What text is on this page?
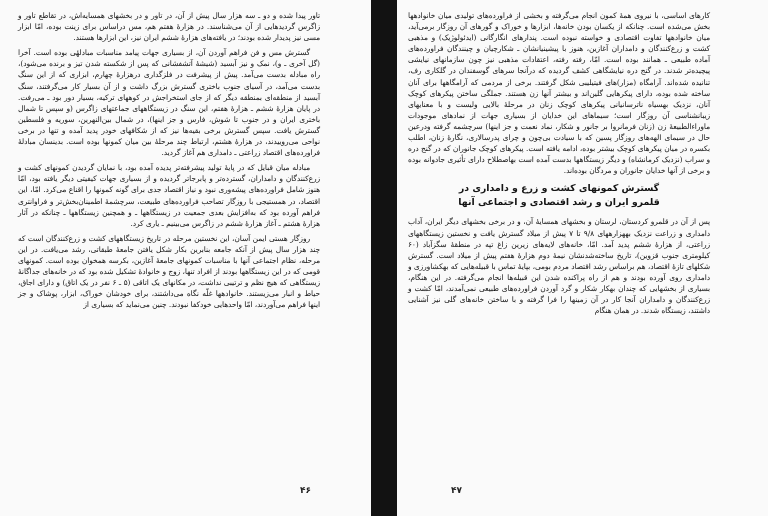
تاور پیدا شده و دو ـ سه هزار سال پیش از آن، در تاور و در بخشهای همسایه‌اش، در تقاطع تاور و زاگرس گردیدهایی از آن می‌شناسند. در هزارهٔ هفتم هم، مس دراساس برای زینت بوده، امّا ابزار مسی نیز پدیدار شده بودند؛ در یافته‌های هزارهٔ ششم ایران نیز، این ابزارها هستند.

گسترش مس و فن فراهم آوردن آن، از بسیاری جهات پیامد مناسبات مبادلهٔی بوده است. آخرا (گل آخری ـ و)، نمک و نیز آبسید (شیشهٔ آتشفشانی که پس از شکسته شدن تیز و برنده می‌شود)، راه مبادله بدست می‌آمد. پیش از پیشرفت در فلزگداری درهزارهٔ چهارم، ابزاری که از این سنگ بدست می‌آمد، در آسیای جنوب باختری گسترش بزرگ داشت و از آن بسیار کار می‌گرفتند، سنگ آبسید از منطقه‌ای بمنطقه دیگر که از جای استخراجش در کوههای ترکیه، بسیار دور بود ـ می‌رفت. در پایان هزارهٔ ششم ـ هزارهٔ هفتم، این سنگ در زیستگاههای جماعتهای زاگرس (و سپس تا شمال باختری ایران و در جنوب تا شوش، فارس و جز اینها)، در شمال بین‌النهرین، سوریه و فلسطین گسترش یافت. سپس گسترش برخی بقیه‌ها نیز که از شکافهای خودر پدید آمده و تنها در برخی نواحی می‌روییدند، در هزارهٔ هشتم، ارتباط چند مرحلهٔ بین میان کمونها بوده است. بدینسان مبادلهٔ فراورده‌های اقتصاد زراعتی ـ دامداری هم آغاز گردید.

مبادله میان قبایل که در پایهٔ تولید پیشرفته‌تر پدیده آمده بود، با نمایان گردیدن کمونهای کشت و زرع‌کنندگان و دامداران، گسترده‌تر و پابرجاتر گردیده و از بسیاری جهات کیفیتی دیگر یافته بود، امّا هنوز شامل فراورده‌های پیشه‌وری نبود و نیاز اقتصاد جدی برای گونه کمونها را اقناع می‌کرد. امّا، این اقتصاد، در همستیجی با روزگار تصاحب فراورده‌های طبیعت، سرچشمهٔ اطمینان‌بخش‌تر و فراوانتری فراهم آورده بود که به‌افزایش بعدی جمعیت در زیستگاهها ـ و همچنین زیستگاهها ـ چنانکه در آثار هزارهٔ هشتم ـ آغاز هزارهٔ ششم در زاگرس می‌بینیم ـ یاری کرد.

روزگار هستی ایمن آسان، این نخستین مرحله در تاریخ زیستگاههای کشت و زرع‌کنندگان است که چند هزار سال پیش از آنکه جامعه بنابرین بکار شکل یافتن جامعهٔ طبقاتی، رشد می‌یافت. در این مرحله، نظام اجتماعی آنها با مناسبات کمونهای جامعهٔ آغازین، بکرسه همخوان بوده است. کمونهای قومی که در این زیستگاهها بودند از افراد تنها، زوج و خانوادهٔ تشکیل شده بود که در خانه‌های جداگانهٔ زیستگاهی که هیچ نظم و ترتیبی نداشت، در مکانهای یک اتاقی (۵ ـ ۶ نفر در یک اتاق) و دارای اجاق، حیاط و انبار می‌زیستند. خانوادهها غلّه نگاه می‌داشتند، برای خودشان خوراک، ابزار، پوشاک و جز اینها فراهم می‌آوردند، امّا واحدهایی خودکفا نبودند. چنین می‌نماید که بسیاری از

۴۶

کارهای اساسی، با نیروی همهٔ کمون انجام می‌گرفته و بخشی از فراورده‌های تولیدی میان خانوادهها بخش می‌شده است. چنانکه از یکسان بودن خانه‌ها، ابزارها و خوراک و گورهای آن روزگار برمی‌آید، میان خانوادهها تفاوت اقتصادی و خواسته نبوده است. پندارهای انگارگانی (ایدئولوژیک) و مذهبی کشت و زرع‌کنندگان و دامداران آغازین، هنوز با پیشینیانشان ـ شکارچیان و چینندگان فراورده‌های آماده طبیعی ـ همانند بوده است. امّا، رفته رفته، اعتقادات مذهبی نیز چون سازمانهای نیایشی پیچیده‌تر شدند. در گنج دره نیایشگاهی کشف گردیده که درآنجا سرهای گوسفندان در گلکاری رف، تنانیده شده‌اند. آرامگاه (مزار)های فیتیلیبی شکل گرفتند. برخی از مردمی که آرامگاهها برای آنان ساخته شده بوده، دارای پیکرهایی گلین‌اند و بیشتر آنها زن هستند. جملگی ساختن پیکرهای کوچک آنان، نزدیک بهسیاه ناترسانیانی پیکرهای کوچک زنان در مرحلهٔ بالایی ولیست و با معنایهای زیبانشناسی آن روزگار است؛ سیماهای این خدایان از بسیاری جهات از نمادهای موجودات ماوراءالطبیعهٔ زن (زنان فرمانروا بر جانور و شکار، نماد نعمت و جز اینها) سرچشمه گرفته ودرعین حال در سیمای الهه‌های روزگار پسین که با سیادت بی‌چون و چرای پدرسالاری، نگارهٔ زنان، اطلب بکسره در میان پیکرهای کوچک بیشتر بوده، ادامه یافته است. پیکرهای کوچک جانوران که در گنج دره و سراب (نزدیک کرمانشاه) و دیگر زیستگاهها بدست آمده است بهاصطلاح دارای تأثیری جادوانه بوده و برخی از آنها خدایان جانوران و مردگان بوده‌اند.

گسترش کمونهای کشت و زرع و دامداری در
قلمرو ایران و رشد اقتصادی و اجتماعی آنها

پس از آن در قلمرو کردستان، لرستان و بخشهای همسایهٔ آن، و در برخی بخشهای دیگر ایران، آداب دامداری و زراعت نزدیک بههزارههای ۹/۸ تا ۷ پیش از میلاد گسترش یافت و نخستین زیستگاههای زراعتی، از هزارهٔ ششم پدید آمد. امّا، خانه‌های لایه‌های زیرین زاغ تپه در منطقهٔ سگزآباد (۶۰ کیلومتری جنوب قزوین)، تاریخ ساخته‌شدنشان نیمهٔ دوم هزارهٔ هفتم پیش از میلاد است. گسترش شکلهای تازهٔ اقتصاد، هم براساس رشد اقتصاد مردم بومی، بپایهٔ تماس با قبیله‌هایی که بهکشاورزی و دامداری روی آورده بودند و هم از راه پراکنده شدن این قبیله‌ها انجام می‌گرفته. در این هنگام، بسیاری از بخشهایی که چندان بهکار شکار و گرد آوردن فراورده‌های طبیعی نمی‌آمدند، امّا کشت و زرع‌کنندگان و دامداران آنجا کار در آن زمینها را فرا گرفته و با ساختن خانه‌های گلی نیز آشنایی داشتند، زیستگاه شدند. در همان هنگام

۴۷
